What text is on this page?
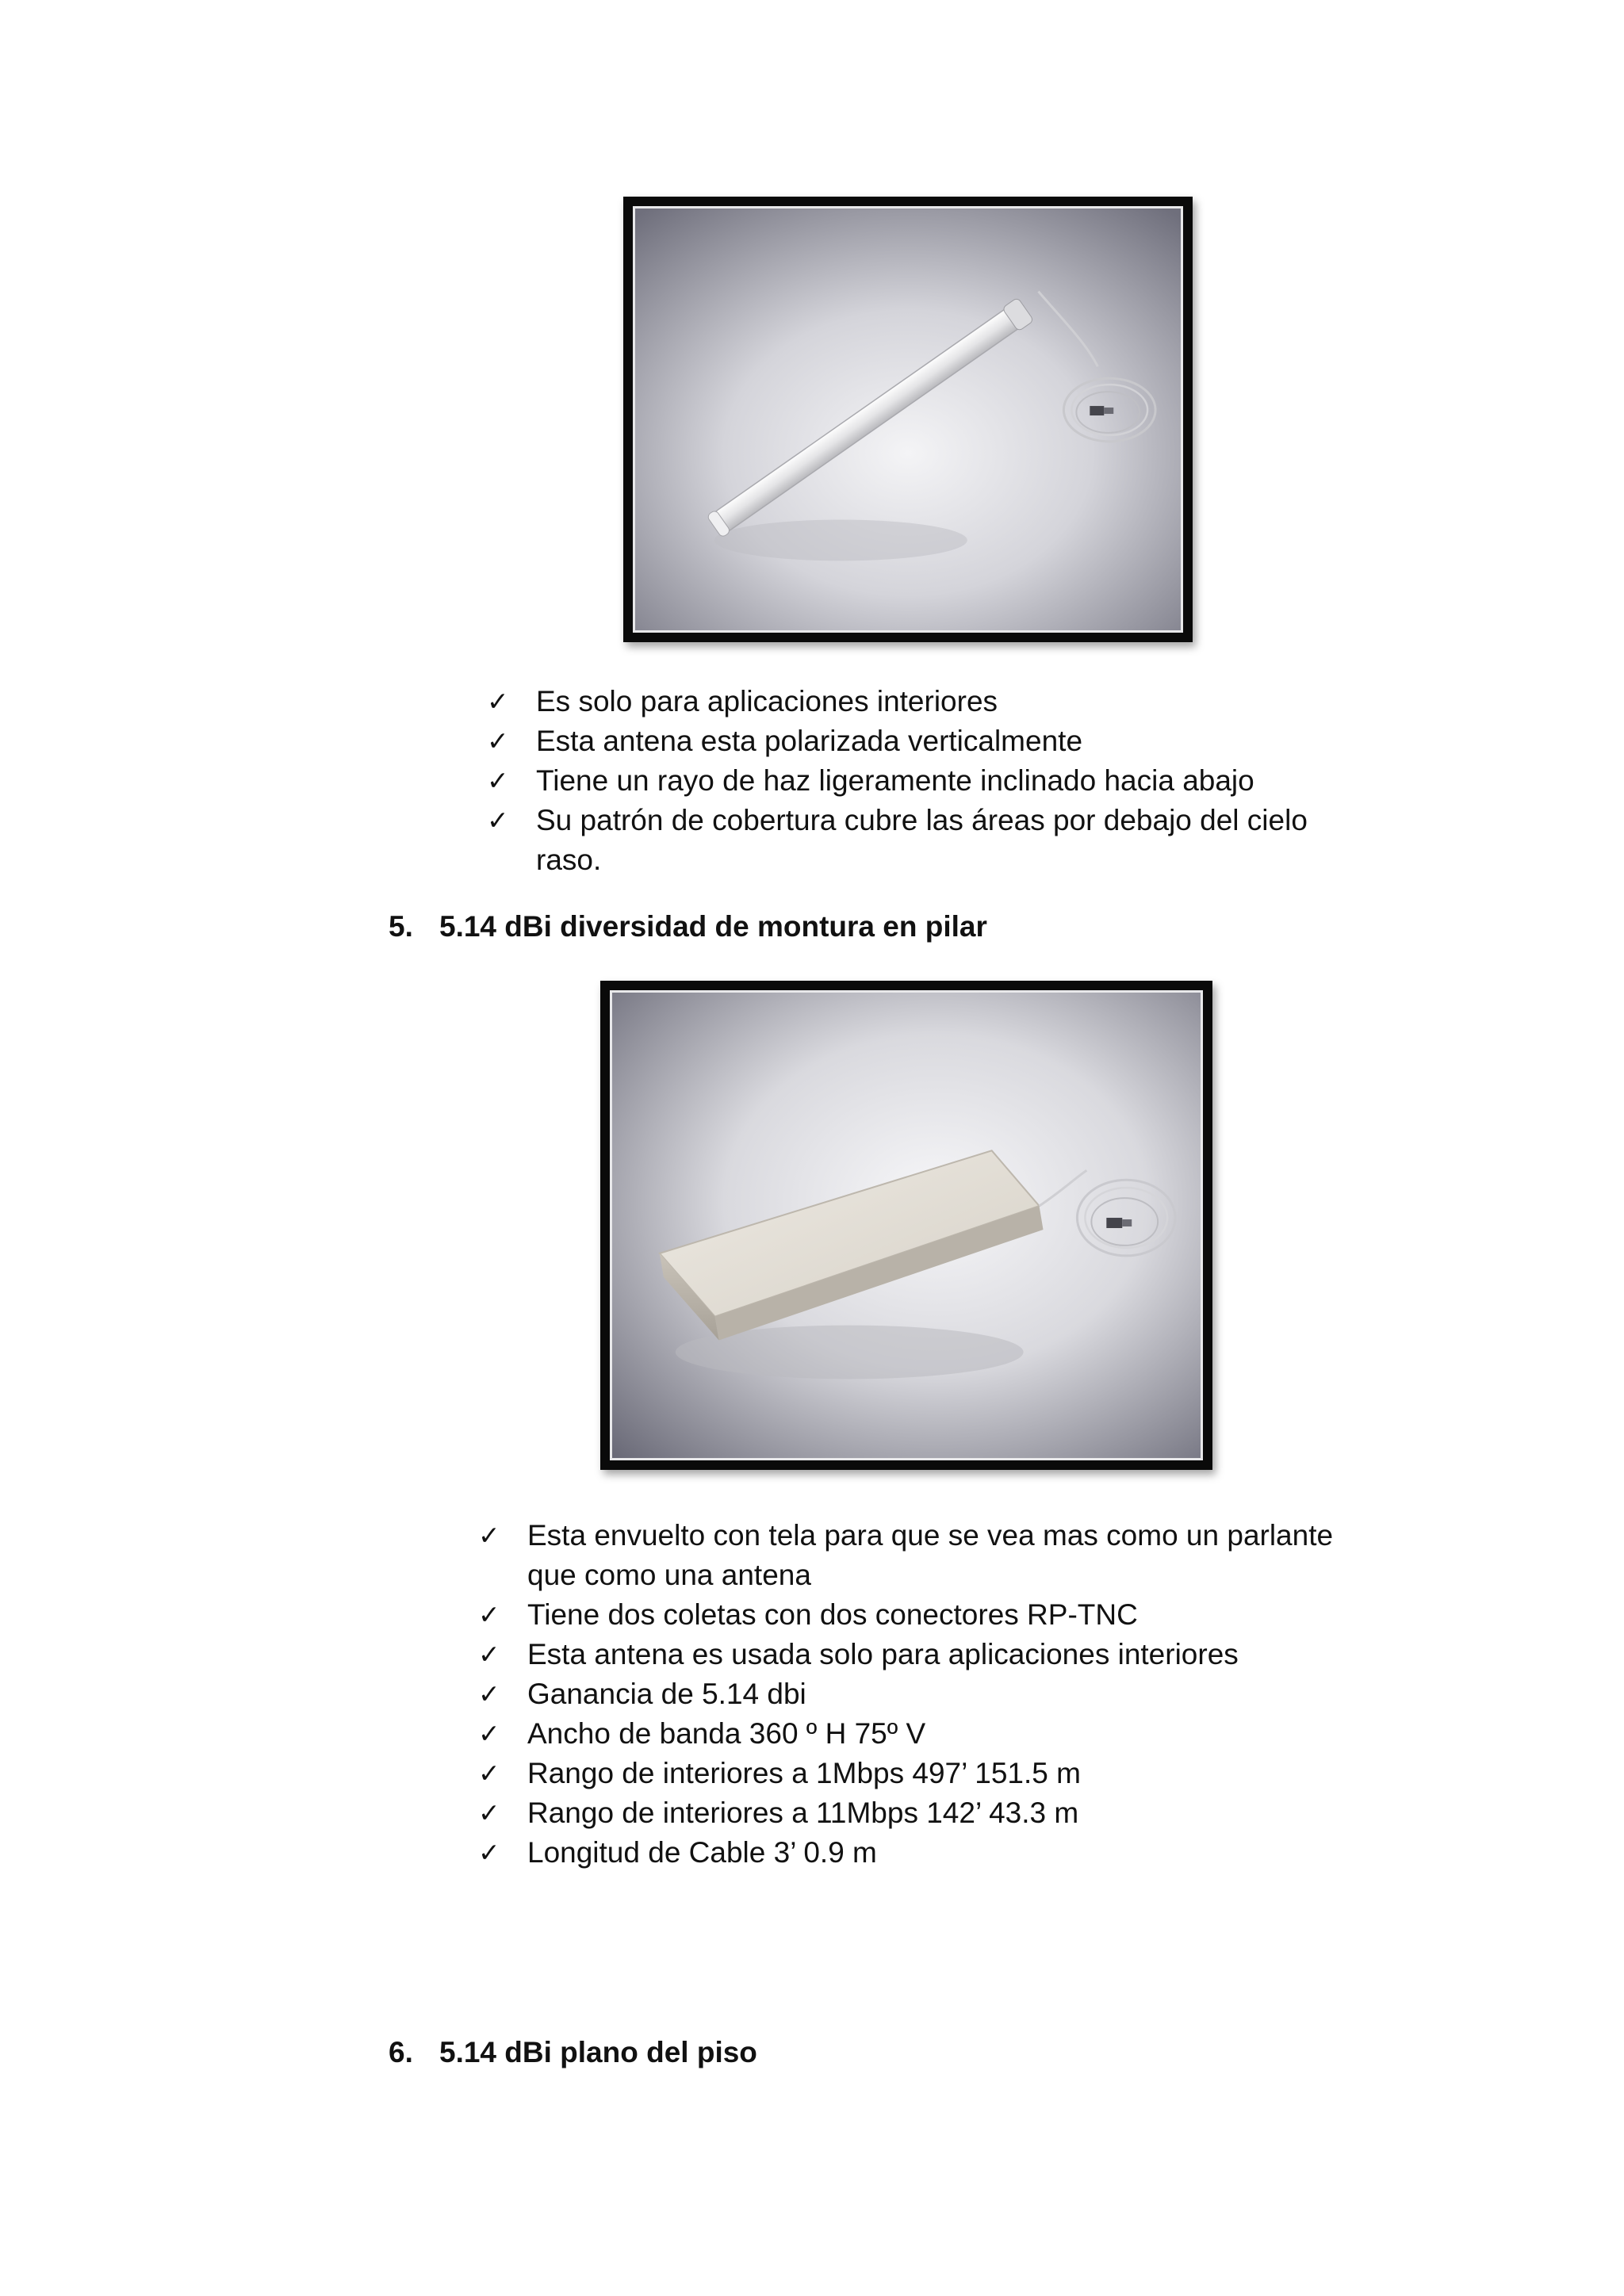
✓ Es solo para aplicaciones interiores
✓ Esta antena esta polarizada verticalmente
✓ Tiene un rayo de haz ligeramente inclinado hacia abajo
✓ Su patrón de cobertura cubre las áreas por debajo del cielo raso.
5. 5.14 dBi diversidad de montura en pilar
✓ Esta envuelto con tela para que se vea mas como un parlante que como una antena
✓ Tiene dos coletas con dos conectores RP-TNC
✓ Esta antena es usada solo para aplicaciones interiores
✓ Ganancia de 5.14 dbi
✓ Ancho de banda 360 º H 75º V
✓ Rango de interiores a 1Mbps 497’ 151.5 m
✓ Rango de interiores a 11Mbps 142’ 43.3 m
✓ Longitud de Cable 3’ 0.9 m
6. 5.14 dBi plano del piso
